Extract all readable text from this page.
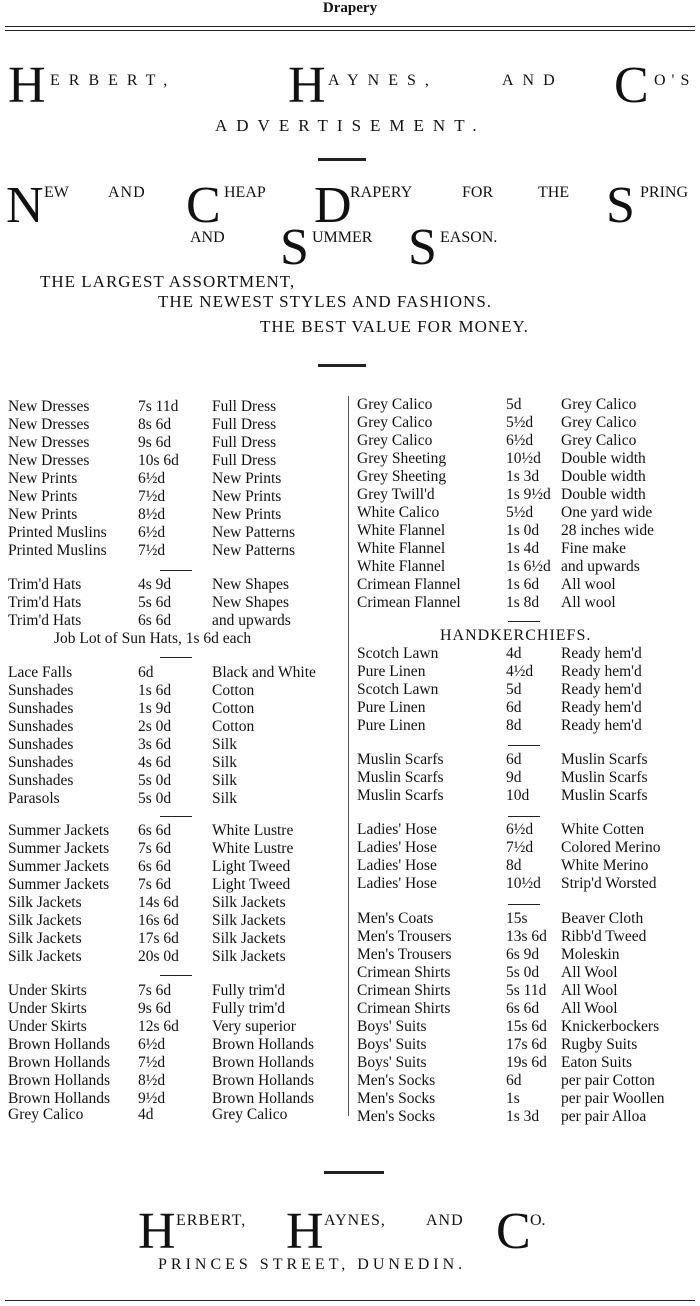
Drapery
H ERBERT, H AYNES,	AND C O'S
ADVERTISEMENT.
N EW AND C HEAP D
RAPERY	FOR	THE S PRING
AND S UMMER S EASON.
THE LARGEST ASSORTMENT,
THE NEWEST STYLES AND FASHIONS.
THE BEST VALUE FOR MONEY.
New Dresses	7s 11d Full Dress
New Dresses	8s 6d	Full Dress
New Dresses	9s 6d	Full Dress
New Dresses	10s 6d Full Dress
New Prints	6½d	New Prints
New Prints	7½d	New Prints
New Prints	8½d	New Prints
Printed Muslins 6½d	New Patterns
Printed Muslins 7½d	New Patterns
Trim'd Hats	4s 9d	New Shapes
Trim'd Hats	5s 6d	New Shapes
Trim'd Hats	6s 6d	and upwards
Lace Falls	6d	Black and White
Sunshades	1s 6d	Cotton
Sunshades	1s 9d	Cotton
Sunshades	2s 0d	Cotton
Sunshades	3s 6d	Silk
Sunshades	4s 6d	Silk
Sunshades	5s 0d	Silk
Parasols	5s 0d	Silk
Summer Jackets 6s 6d	White Lustre
Summer Jackets 7s 6d	White Lustre
Summer Jackets 6s 6d	Light Tweed
Summer Jackets 7s 6d	Light Tweed
Silk Jackets	14s 6d Silk Jackets
Silk Jackets	16s 6d Silk Jackets
Silk Jackets	17s 6d Silk Jackets
Silk Jackets	20s 0d Silk Jackets
Under Skirts	7s 6d	Fully trim'd
Under Skirts	9s 6d	Fully trim'd
Under Skirts	12s 6d Very superior
Brown Hollands 6½d	Brown Hollands
Brown Hollands 7½d	Brown Hollands
Brown Hollands 8½d	Brown Hollands
Brown Hollands 9½d	Brown Hollands
Grey Calico	4d	Grey Calico
Grey Calico	5d	Grey Calico
Grey Calico	5½d Grey Calico
Grey Calico	6½d Grey Calico
Grey Sheeting	10½d Double width
Grey Sheeting	1s 3d Double width
Grey Twill'd	1s 9½d Double width
White Calico	5½d One yard wide
White Flannel	1s 0d 28 inches wide
White Flannel	1s 4d Fine make
White Flannel	1s 6½d and upwards
Crimean Flannel	1s 6d All wool
Crimean Flannel	1s 8d All wool
Scotch Lawn	4d	Ready hem'd
Pure Linen	4½d Ready hem'd
Scotch Lawn	5d	Ready hem'd
Pure Linen	6d	Ready hem'd
Pure Linen	8d	Ready hem'd
Muslin Scarfs	6d	Muslin Scarfs
Muslin Scarfs	9d	Muslin Scarfs
Muslin Scarfs	10d Muslin Scarfs
Ladies' Hose	6½d White Cotten
Ladies' Hose	7½d Colored Merino
Ladies' Hose	8d	White Merino
Ladies' Hose	10½d Strip'd Worsted
Men's Coats	15s Beaver Cloth
Men's Trousers	13s 6d Ribb'd Tweed
Men's Trousers	6s 9d Moleskin
Crimean Shirts	5s 0d All Wool
Crimean Shirts	5s 11d All Wool
Crimean Shirts	6s 6d All Wool
Boys' Suits	15s 6d Knickerbockers
Boys' Suits	17s 6d Rugby Suits
Boys' Suits	19s 6d Eaton Suits
Men's Socks	6d	per pair Cotton
Men's Socks	1s	per pair Woollen
Men's Socks	1s 3d per pair Alloa
Job Lot of Sun Hats, 1s 6d each	HANDKERCHIEFS.
H ERBERT, H AYNES,	AND C O.
PRINCES STREET, DUNEDIN.
